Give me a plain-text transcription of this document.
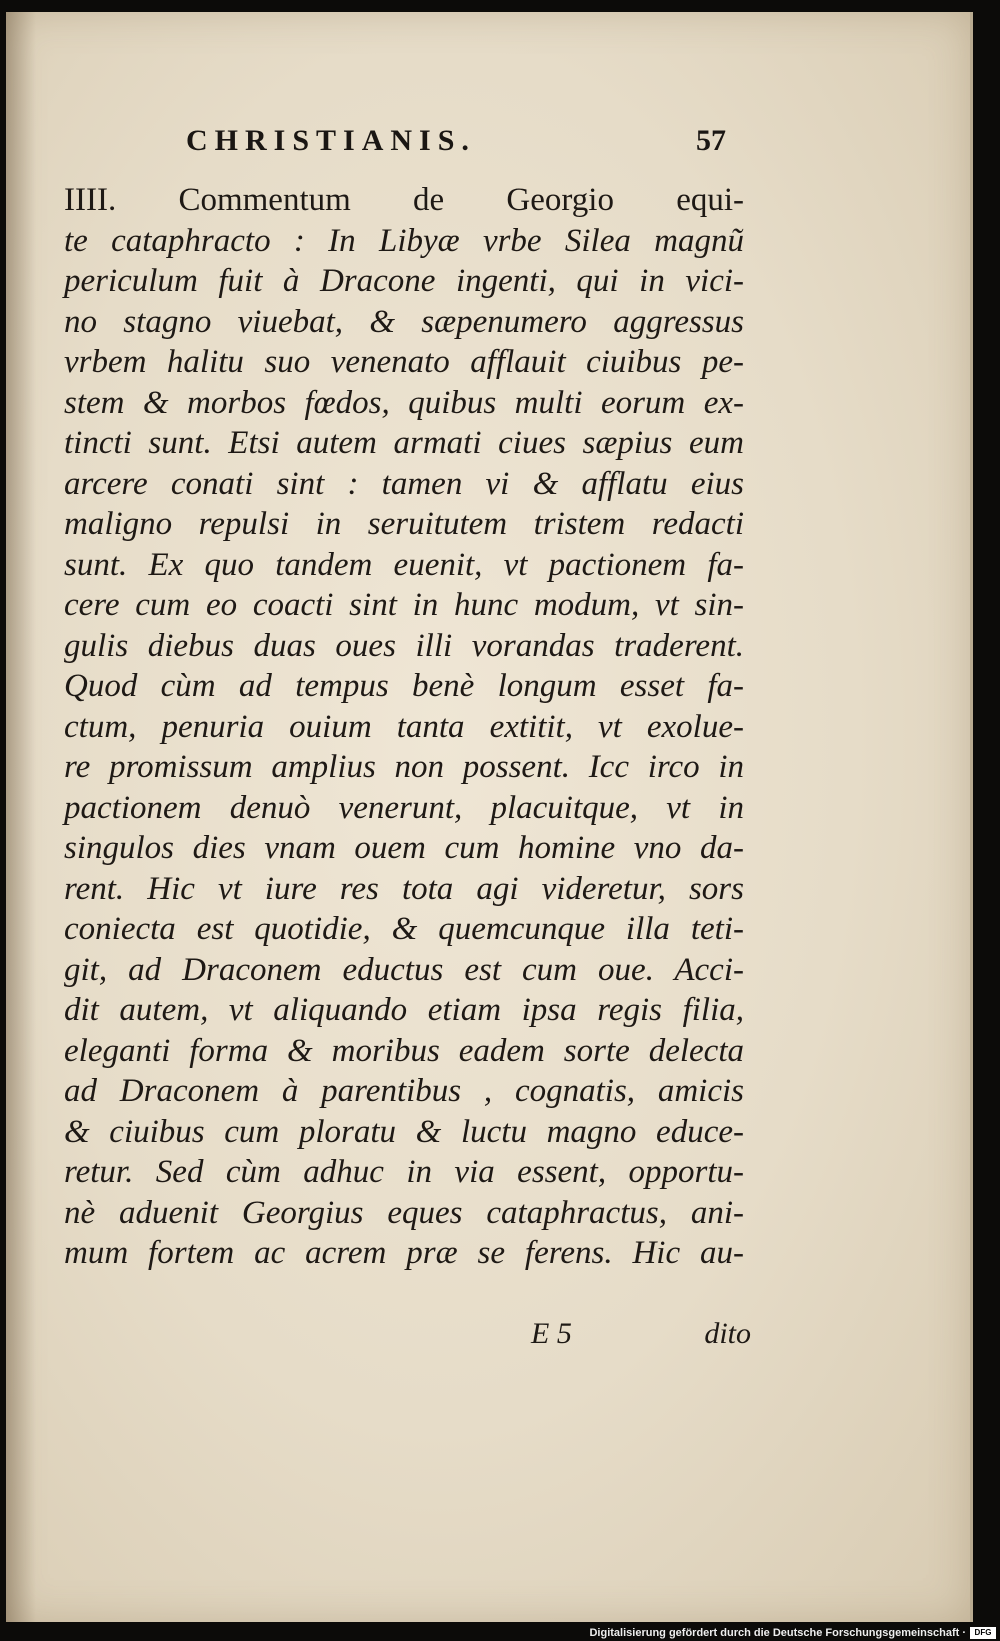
CHRISTIANIS.	57
IIII. Commentum de Georgio equi-
te cataphracto : In Libyæ vrbe Silea magnũ
periculum fuit à Dracone ingenti, qui in vici-
no stagno viuebat, & sæpenumero aggressus
vrbem halitu suo venenato afflauit ciuibus pe-
stem & morbos fœdos, quibus multi eorum ex-
tincti sunt. Etsi autem armati ciues sæpius eum
arcere conati sint : tamen vi & afflatu eius
maligno repulsi in seruitutem tristem redacti
sunt. Ex quo tandem euenit, vt pactionem fa-
cere cum eo coacti sint in hunc modum, vt sin-
gulis diebus duas oues illi vorandas traderent.
Quod cùm ad tempus benè longum esset fa-
ctum, penuria ouium tanta extitit, vt exolue-
re promissum amplius non possent. Icc irco in
pactionem denuò venerunt, placuitque, vt in
singulos dies vnam ouem cum homine vno da-
rent. Hic vt iure res tota agi videretur, sors
coniecta est quotidie, & quemcunque illa teti-
git, ad Draconem eductus est cum oue. Acci-
dit autem, vt aliquando etiam ipsa regis filia,
eleganti forma & moribus eadem sorte delecta
ad Draconem à parentibus , cognatis, amicis
& ciuibus cum ploratu & luctu magno educe-
retur. Sed cùm adhuc in via essent, opportu-
nè aduenit Georgius eques cataphractus, ani-
mum fortem ac acrem præ se ferens. Hic au-
E 5	dito
Digitalisierung gefördert durch die Deutsche Forschungsgemeinschaft ·	DFG
